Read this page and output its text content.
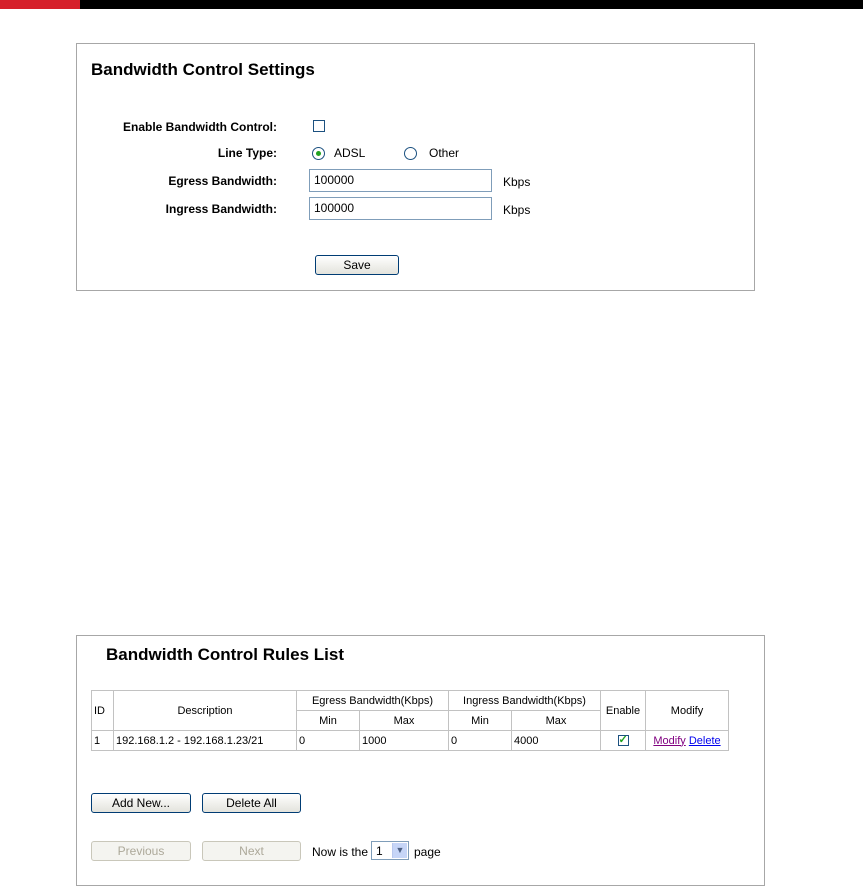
Bandwidth Control Settings
Enable Bandwidth Control:
Line Type:	ADSL	Other
Egress Bandwidth:	100000	Kbps
Ingress Bandwidth:	100000	Kbps
Save
Bandwidth Control Rules List
ID	Description	Egress Bandwidth(Kbps)		Ingress Bandwidth(Kbps)		Enable	Modify
		Min	Max	Min	Max		
1	192.168.1.2 - 192.168.1.23/21	0	1000	0	4000	✓	Modify Delete
Add New...	Delete All
Previous	Next	Now is the 1	▼ page
